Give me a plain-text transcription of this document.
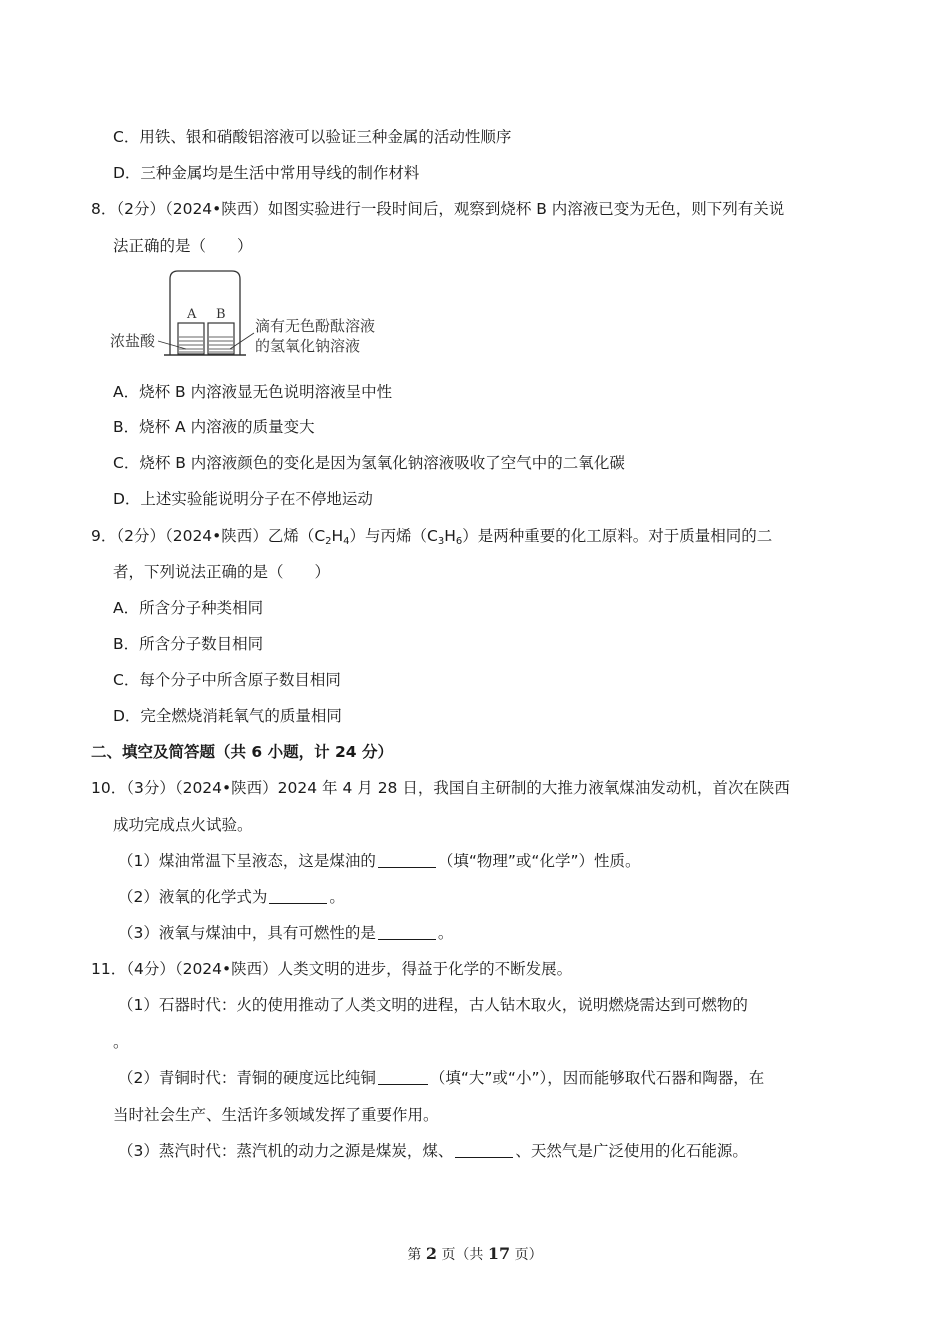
C．用铁、银和硝酸铝溶液可以验证三种金属的活动性顺序
D．三种金属均是生活中常用导线的制作材料
8．（2分）（2024•陕西）如图实验进行一段时间后，观察到烧杯 B 内溶液已变为无色，则下列有关说
法正确的是（　　）
A B
浓盐酸
滴有无色酚酞溶液
的氢氧化钠溶液
A．烧杯 B 内溶液显无色说明溶液呈中性
B．烧杯 A 内溶液的质量变大
C．烧杯 B 内溶液颜色的变化是因为氢氧化钠溶液吸收了空气中的二氧化碳
D．上述实验能说明分子在不停地运动
9．（2分）（2024•陕西）乙烯$(C_2H_4)$与丙烯$(C_3H_6)$是两种重要的化工原料。对于质量相同的二
者，下列说法正确的是（　　）
A．所含分子种类相同
B．所含分子数目相同
C．每个分子中所含原子数目相同
D．完全燃烧消耗氧气的质量相同
二、填空及简答题（共 6 小题，计 24 分）
10．（3分）（2024•陕西）2024 年 4 月 28 日，我国自主研制的大推力液氧煤油发动机，首次在陕西
成功完成点火试验。
（1）煤油常温下呈液态，这是煤油的	（填“物理”或“化学”）性质。
（2）液氧的化学式为	。
（3）液氧与煤油中，具有可燃性的是	。
11．（4分）（2024•陕西）人类文明的进步，得益于化学的不断发展。
（1）石器时代：火的使用推动了人类文明的进程，古人钻木取火，说明燃烧需达到可燃物的
。
（2）青铜时代：青铜的硬度远比纯铜	（填“大”或“小”），因而能够取代石器和陶器，在
当时社会生产、生活许多领域发挥了重要作用。
（3）蒸汽时代：蒸汽机的动力之源是煤炭，煤、	、天然气是广泛使用的化石能源。
第 2 页（共 17 页）
